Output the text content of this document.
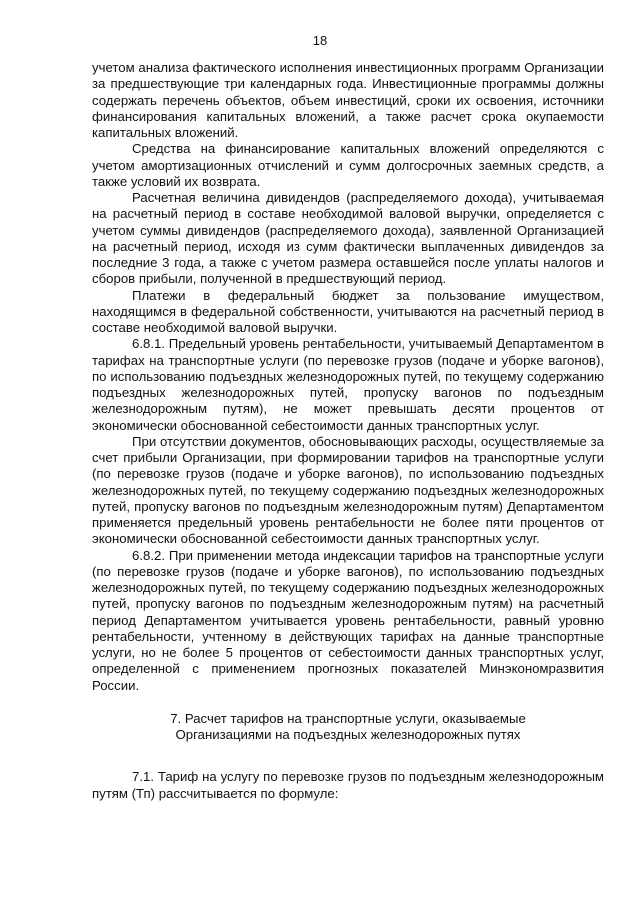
18

учетом анализа фактического исполнения инвестиционных программ Организации за предшествующие три календарных года. Инвестиционные программы должны содержать перечень объектов, объем инвестиций, сроки их освоения, источники финансирования капитальных вложений, а также расчет срока окупаемости капитальных вложений.

Средства на финансирование капитальных вложений определяются с учетом амортизационных отчислений и сумм долгосрочных заемных средств, а также условий их возврата.

Расчетная величина дивидендов (распределяемого дохода), учитываемая на расчетный период в составе необходимой валовой выручки, определяется с учетом суммы дивидендов (распределяемого дохода), заявленной Организацией на расчетный период, исходя из сумм фактически выплаченных дивидендов за последние 3 года, а также с учетом размера оставшейся после уплаты налогов и сборов прибыли, полученной в предшествующий период.

Платежи в федеральный бюджет за пользование имуществом, находящимся в федеральной собственности, учитываются на расчетный период в составе необходимой валовой выручки.

6.8.1. Предельный уровень рентабельности, учитываемый Департаментом в тарифах на транспортные услуги (по перевозке грузов (подаче и уборке вагонов), по использованию подъездных железнодорожных путей, по текущему содержанию подъездных железнодорожных путей, пропуску вагонов по подъездным железнодорожным путям), не может превышать десяти процентов от экономически обоснованной себестоимости данных транспортных услуг.

При отсутствии документов, обосновывающих расходы, осуществляемые за счет прибыли Организации, при формировании тарифов на транспортные услуги (по перевозке грузов (подаче и уборке вагонов), по использованию подъездных железнодорожных путей, по текущему содержанию подъездных железнодорожных путей, пропуску вагонов по подъездным железнодорожным путям) Департаментом применяется предельный уровень рентабельности не более пяти процентов от экономически обоснованной себестоимости данных транспортных услуг.

6.8.2. При применении метода индексации тарифов на транспортные услуги (по перевозке грузов (подаче и уборке вагонов), по использованию подъездных железнодорожных путей, по текущему содержанию подъездных железнодорожных путей, пропуску вагонов по подъездным железнодорожным путям) на расчетный период Департаментом учитывается уровень рентабельности, равный уровню рентабельности, учтенному в действующих тарифах на данные транспортные услуги, но не более 5 процентов от себестоимости данных транспортных услуг, определенной с применением прогнозных показателей Минэкономразвития России.

7. Расчет тарифов на транспортные услуги, оказываемые
Организациями на подъездных железнодорожных путях

7.1. Тариф на услугу по перевозке грузов по подъездным железнодорожным путям (Тп) рассчитывается по формуле:
